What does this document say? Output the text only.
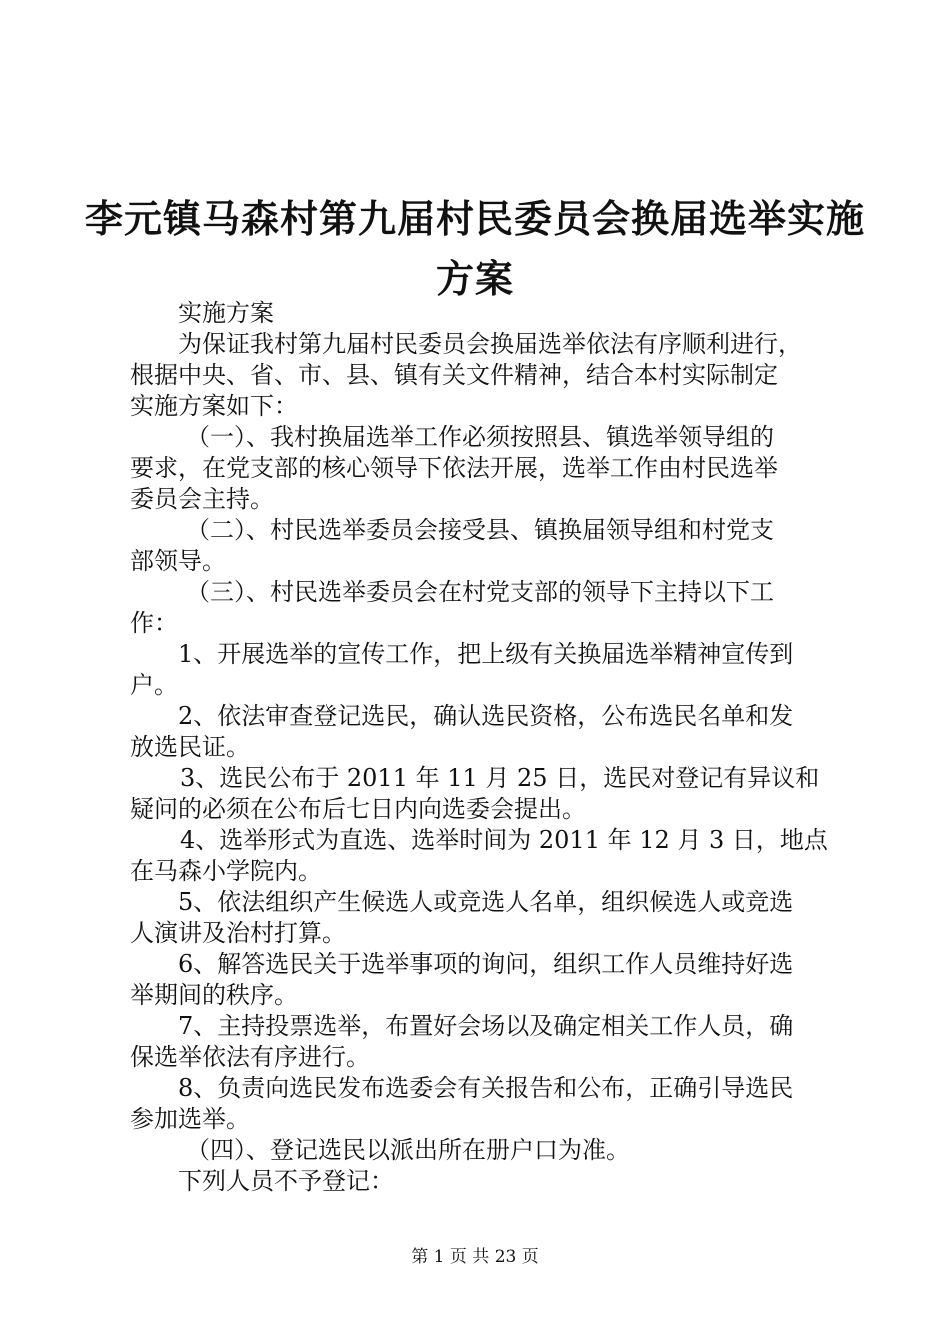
李元镇马森村第九届村民委员会换届选举实施
方案
实施方案
为保证我村第九届村民委员会换届选举依法有序顺利进行，
根据中央、省、市、县、镇有关文件精神，结合本村实际制定
实施方案如下：
（一）、我村换届选举工作必须按照县、镇选举领导组的
要求，在党支部的核心领导下依法开展，选举工作由村民选举
委员会主持。
（二）、村民选举委员会接受县、镇换届领导组和村党支
部领导。
（三）、村民选举委员会在村党支部的领导下主持以下工
作：
1、开展选举的宣传工作，把上级有关换届选举精神宣传到
户。
2、依法审查登记选民，确认选民资格，公布选民名单和发
放选民证。
3、选民公布于 2011 年 11 月 25 日，选民对登记有异议和
疑问的必须在公布后七日内向选委会提出。
4、选举形式为直选、选举时间为 2011 年 12 月 3 日，地点
在马森小学院内。
5、依法组织产生候选人或竞选人名单，组织候选人或竞选
人演讲及治村打算。
6、解答选民关于选举事项的询问，组织工作人员维持好选
举期间的秩序。
7、主持投票选举，布置好会场以及确定相关工作人员，确
保选举依法有序进行。
8、负责向选民发布选委会有关报告和公布，正确引导选民
参加选举。
（四）、登记选民以派出所在册户口为准。
下列人员不予登记：
第 1 页 共 23 页
